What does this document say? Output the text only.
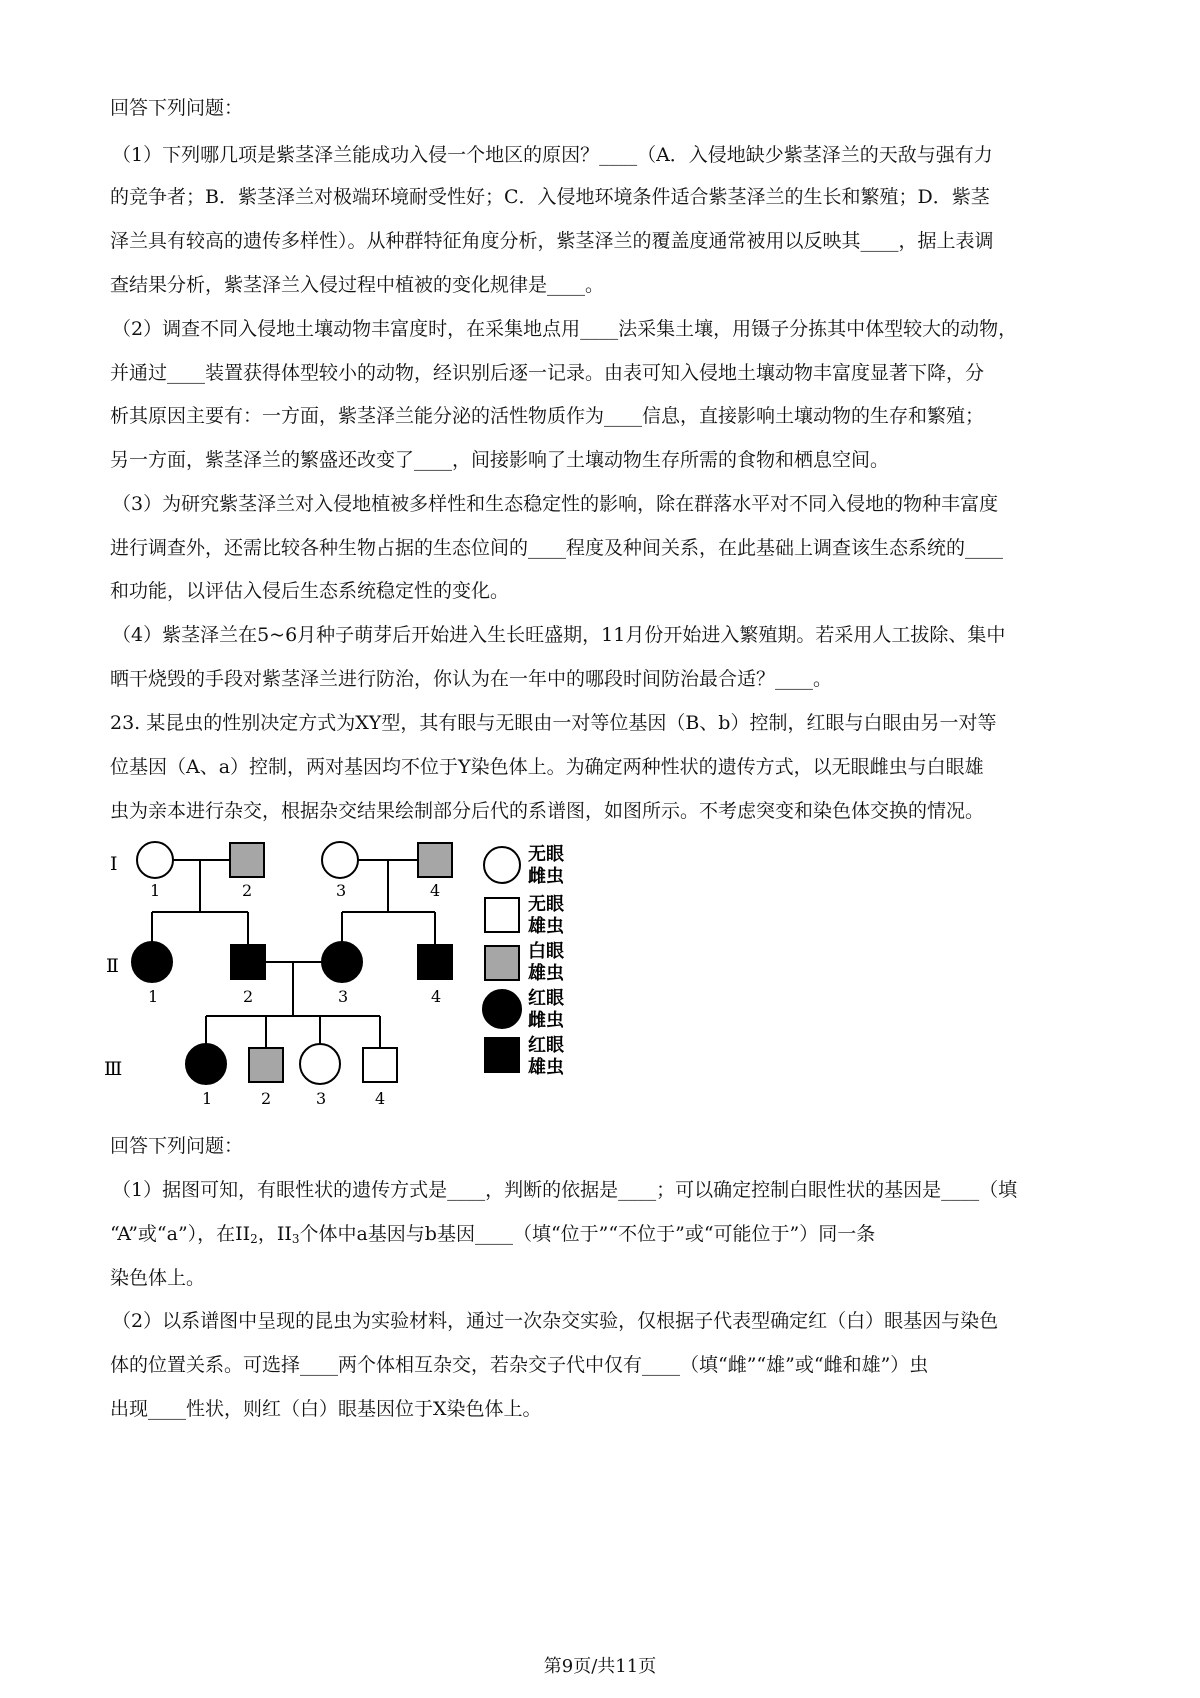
回答下列问题：
（1）下列哪几项是紫茎泽兰能成功入侵一个地区的原因？____（A．入侵地缺少紫茎泽兰的天敌与强有力
的竞争者；B．紫茎泽兰对极端环境耐受性好；C．入侵地环境条件适合紫茎泽兰的生长和繁殖；D．紫茎
泽兰具有较高的遗传多样性）。从种群特征角度分析，紫茎泽兰的覆盖度通常被用以反映其____，据上表调
查结果分析，紫茎泽兰入侵过程中植被的变化规律是____。
（2）调查不同入侵地土壤动物丰富度时，在采集地点用____法采集土壤，用镊子分拣其中体型较大的动物，
并通过____装置获得体型较小的动物，经识别后逐一记录。由表可知入侵地土壤动物丰富度显著下降，分
析其原因主要有：一方面，紫茎泽兰能分泌的活性物质作为____信息，直接影响土壤动物的生存和繁殖；
另一方面，紫茎泽兰的繁盛还改变了____，间接影响了土壤动物生存所需的食物和栖息空间。
（3）为研究紫茎泽兰对入侵地植被多样性和生态稳定性的影响，除在群落水平对不同入侵地的物种丰富度
进行调查外，还需比较各种生物占据的生态位间的____程度及种间关系，在此基础上调查该生态系统的____
和功能，以评估入侵后生态系统稳定性的变化。
（4）紫茎泽兰在5~6月种子萌芽后开始进入生长旺盛期，11月份开始进入繁殖期。若采用人工拔除、集中
晒干烧毁的手段对紫茎泽兰进行防治，你认为在一年中的哪段时间防治最合适？____。
23. 某昆虫的性别决定方式为XY型，其有眼与无眼由一对等位基因（B、b）控制，红眼与白眼由另一对等
位基因（A、a）控制，两对基因均不位于Y染色体上。为确定两种性状的遗传方式，以无眼雌虫与白眼雄
虫为亲本进行杂交，根据杂交结果绘制部分后代的系谱图，如图所示。不考虑突变和染色体交换的情况。
I
Ⅱ
Ⅲ
1	2	3	4
1	2	3	4
1	2	3	4
无眼
雌虫
无眼
雄虫
白眼
雄虫
红眼
雌虫
红眼
雄虫
回答下列问题：
（1）据图可知，有眼性状的遗传方式是____，判断的依据是____；可以确定控制白眼性状的基因是____（填
“A”或“a”），在$II_2$，$II_3$个体中a基因与b基因____（填“位于”“不位于”或“可能位于”）同一条
染色体上。
（2）以系谱图中呈现的昆虫为实验材料，通过一次杂交实验，仅根据子代表型确定红（白）眼基因与染色
体的位置关系。可选择____两个体相互杂交，若杂交子代中仅有____（填“雌”“雄”或“雌和雄”）虫
出现____性状，则红（白）眼基因位于X染色体上。
第9页/共11页
